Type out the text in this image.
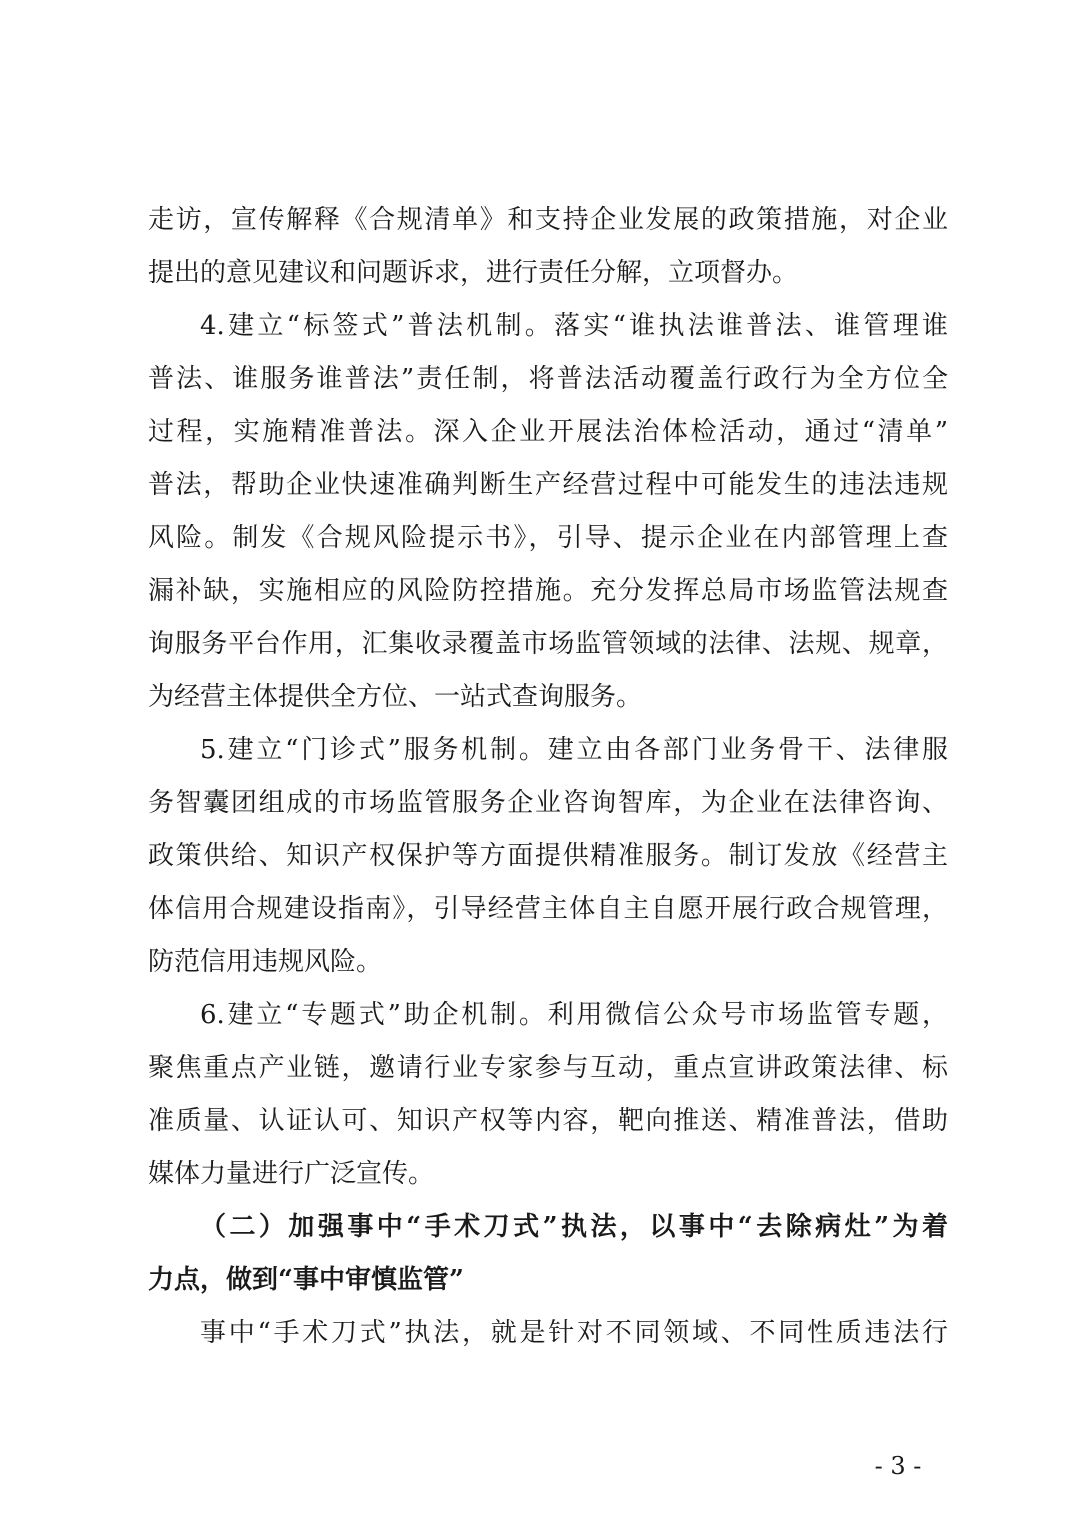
走访，宣传解释《合规清单》和支持企业发展的政策措施，对企业
提出的意见建议和问题诉求，进行责任分解，立项督办。
4.建立“标签式”普法机制。落实“谁执法谁普法、谁管理谁
普法、谁服务谁普法”责任制，将普法活动覆盖行政行为全方位全
过程，实施精准普法。深入企业开展法治体检活动，通过“清单”
普法，帮助企业快速准确判断生产经营过程中可能发生的违法违规
风险。制发《合规风险提示书》，引导、提示企业在内部管理上查
漏补缺，实施相应的风险防控措施。充分发挥总局市场监管法规查
询服务平台作用，汇集收录覆盖市场监管领域的法律、法规、规章，
为经营主体提供全方位、一站式查询服务。
5.建立“门诊式”服务机制。建立由各部门业务骨干、法律服
务智囊团组成的市场监管服务企业咨询智库，为企业在法律咨询、
政策供给、知识产权保护等方面提供精准服务。制订发放《经营主
体信用合规建设指南》，引导经营主体自主自愿开展行政合规管理，
防范信用违规风险。
6.建立“专题式”助企机制。利用微信公众号市场监管专题，
聚焦重点产业链，邀请行业专家参与互动，重点宣讲政策法律、标
准质量、认证认可、知识产权等内容，靶向推送、精准普法，借助
媒体力量进行广泛宣传。
（二）加强事中“手术刀式”执法，以事中“去除病灶”为着
力点，做到“事中审慎监管”
事中“手术刀式”执法，就是针对不同领域、不同性质违法行
- 3 -
